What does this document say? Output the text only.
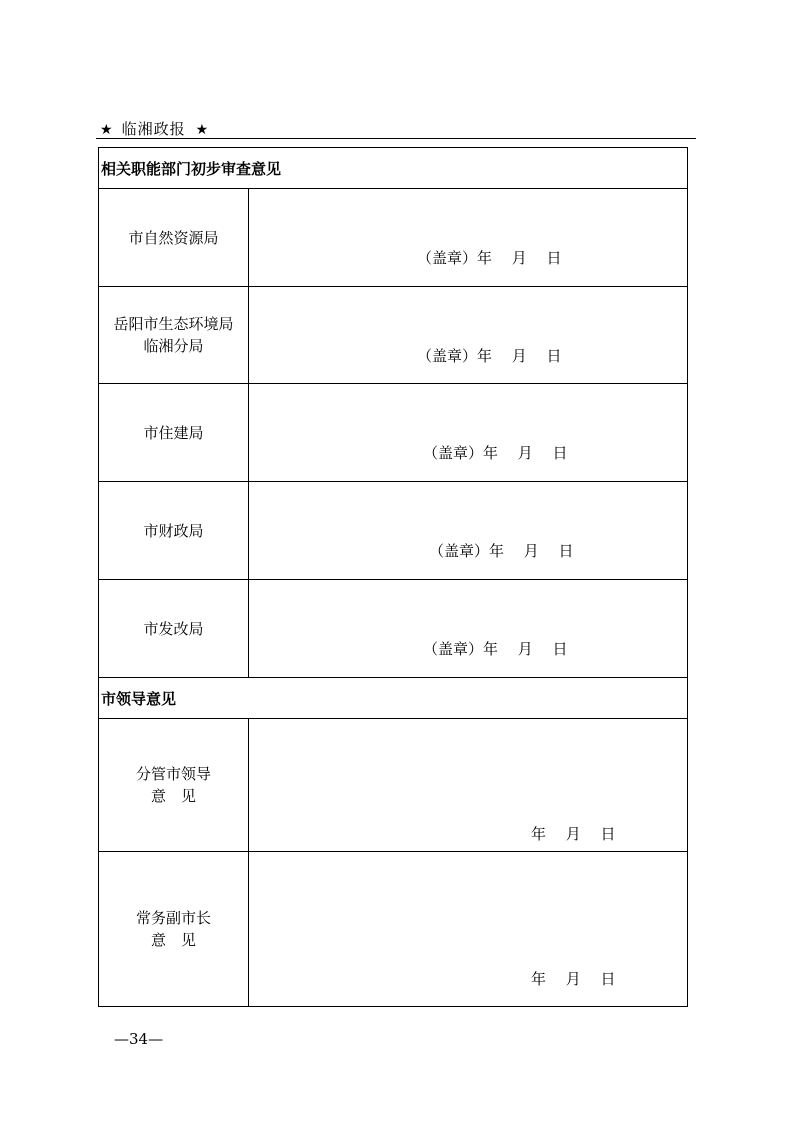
★ 临湘政报 ★
相关职能部门初步审查意见	

市自然资源局	（盖章）年　 月　 日

岳阳市生态环境局
临湘分局	（盖章）年　 月　 日

市住建局	（盖章）年　 月　 日

市财政局	（盖章）年　 月　 日

市发改局	（盖章）年　 月　 日

市领导意见	

分管市领导
意　见	年　 月　 日

常务副市长
意　见	年　 月　 日
—34—
